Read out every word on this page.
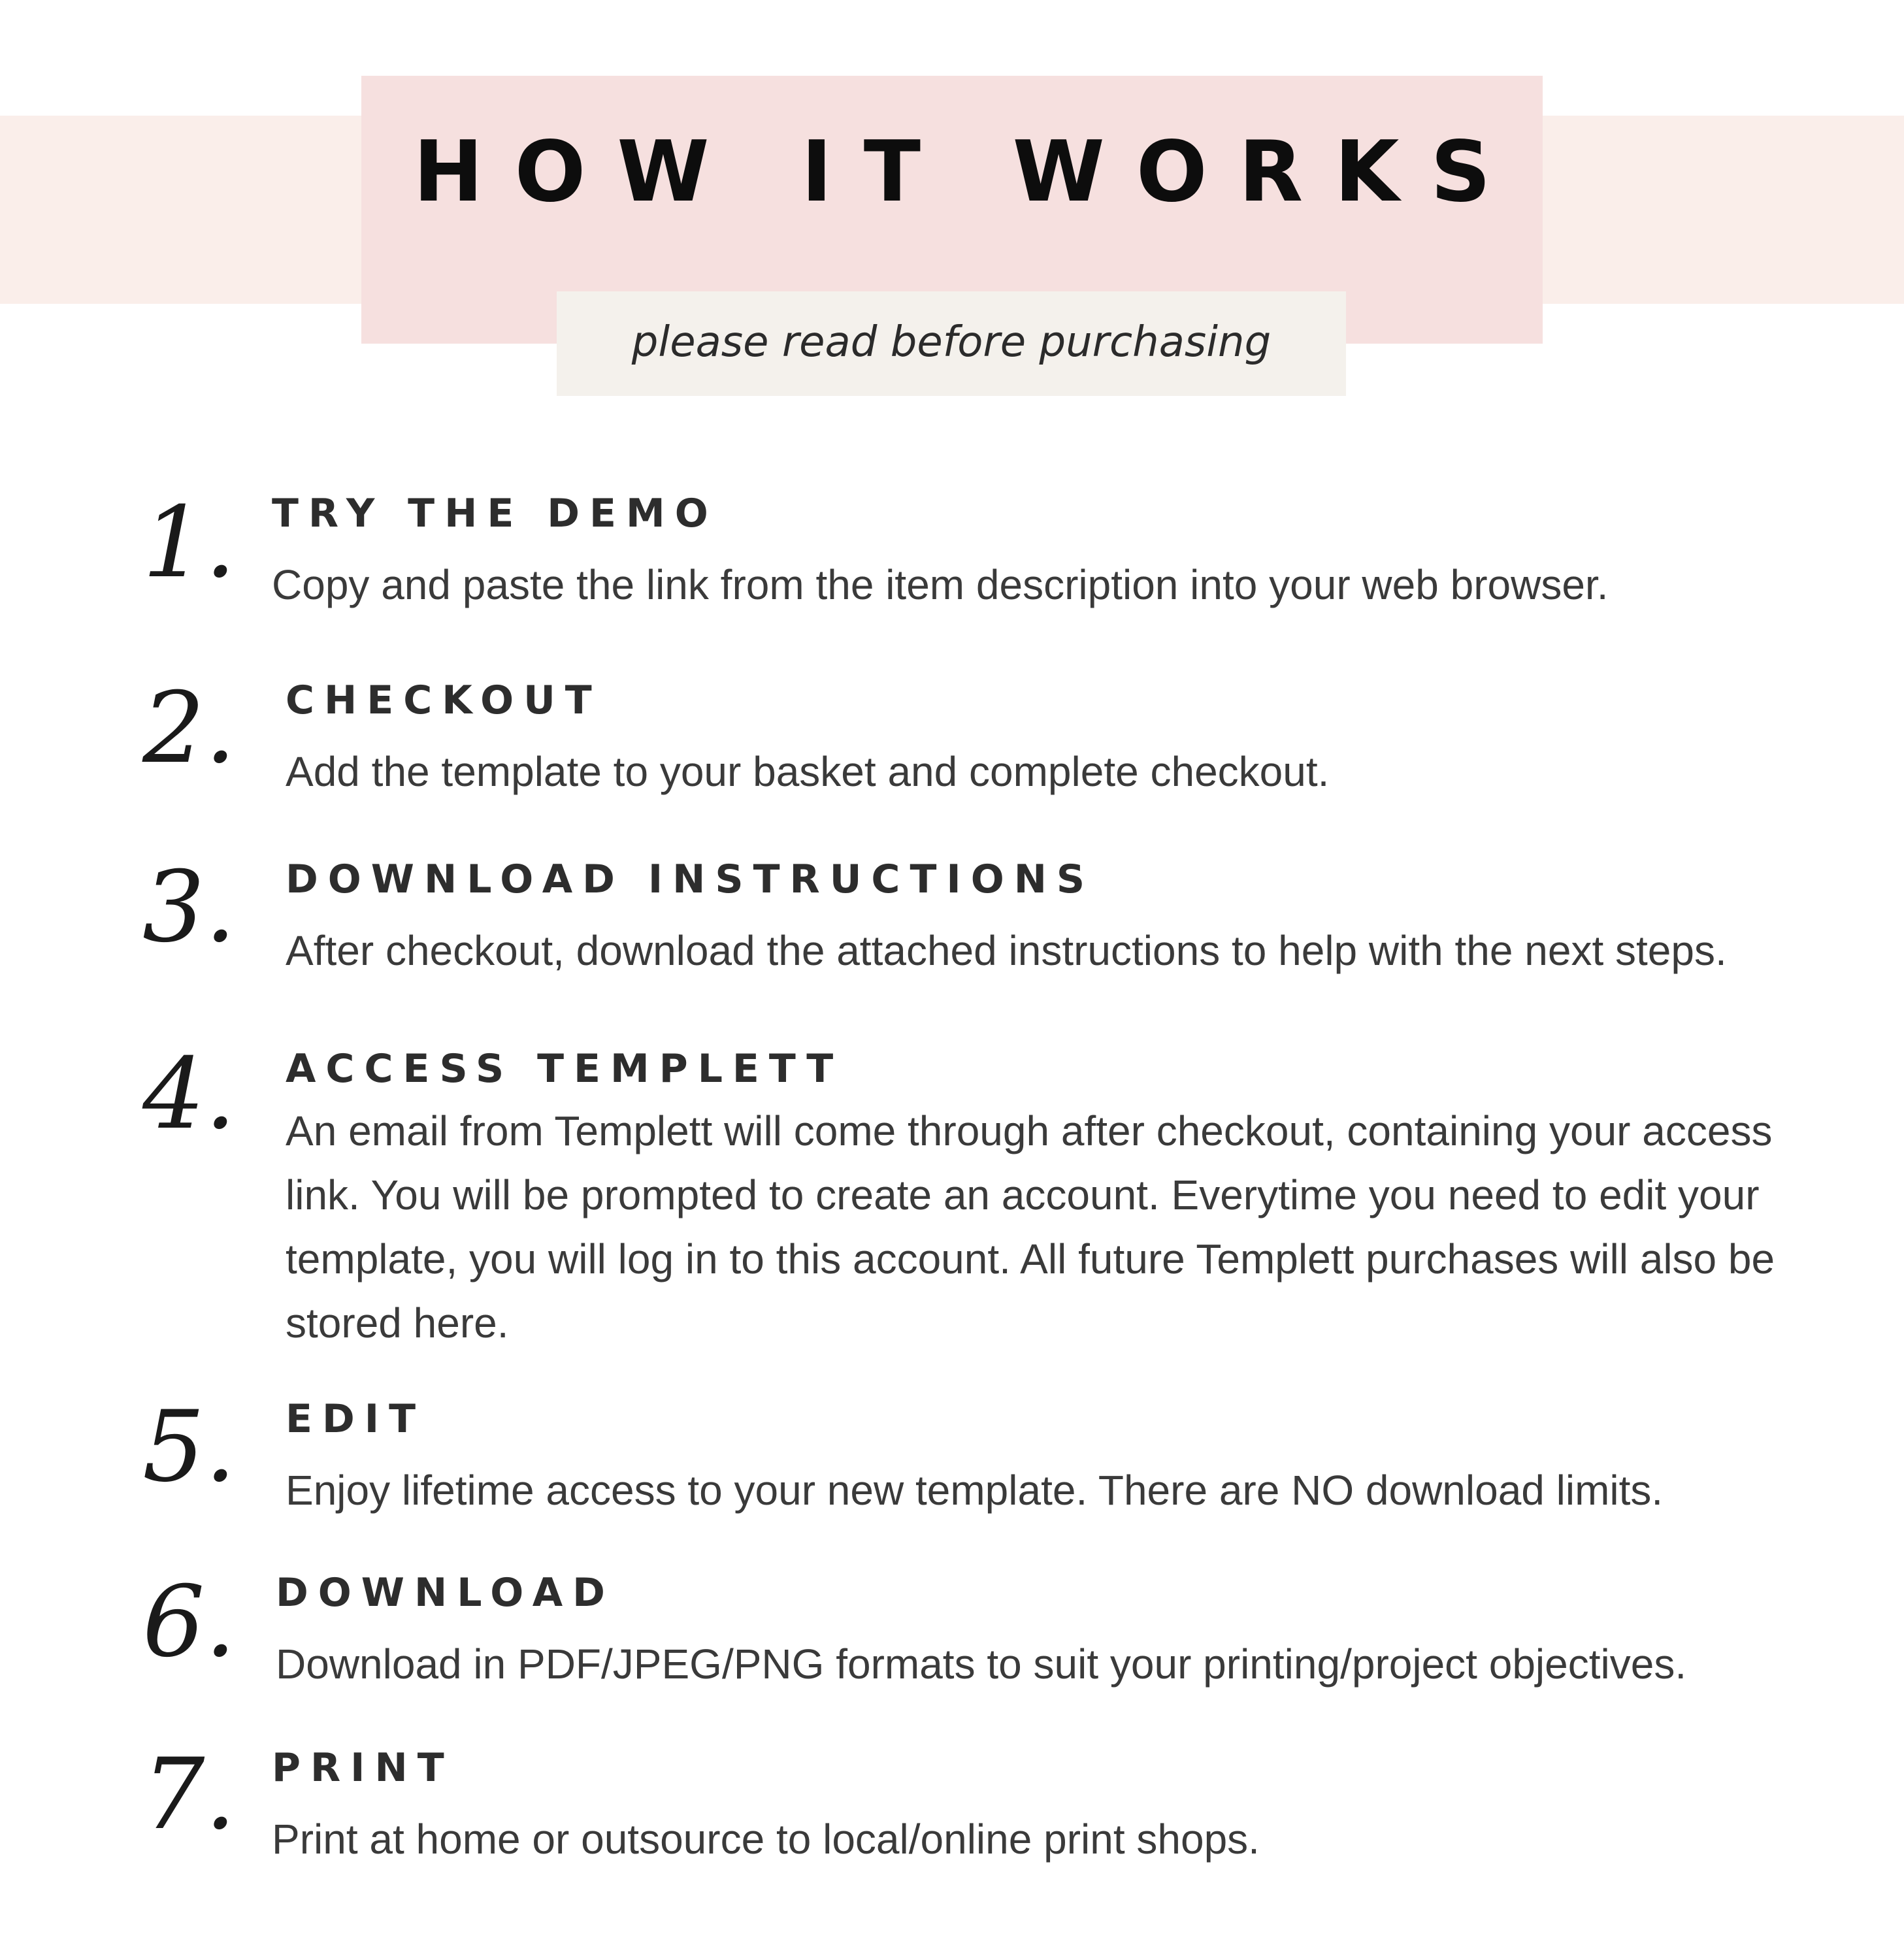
HOW IT WORKS
please read before purchasing
1. TRY THE DEMO
Copy and paste the link from the item description into your web browser.
2. CHECKOUT
Add the template to your basket and complete checkout.
3. DOWNLOAD INSTRUCTIONS
After checkout, download the attached instructions to help with the next steps.
4. ACCESS TEMPLETT
An email from Templett will come through after checkout, containing your access link. You will be prompted to create an account. Everytime you need to edit your template, you will log in to this account. All future Templett purchases will also be stored here.
5. EDIT
Enjoy lifetime access to your new template. There are NO download limits.
6. DOWNLOAD
Download in PDF/JPEG/PNG formats to suit your printing/project objectives.
7. PRINT
Print at home or outsource to local/online print shops.
